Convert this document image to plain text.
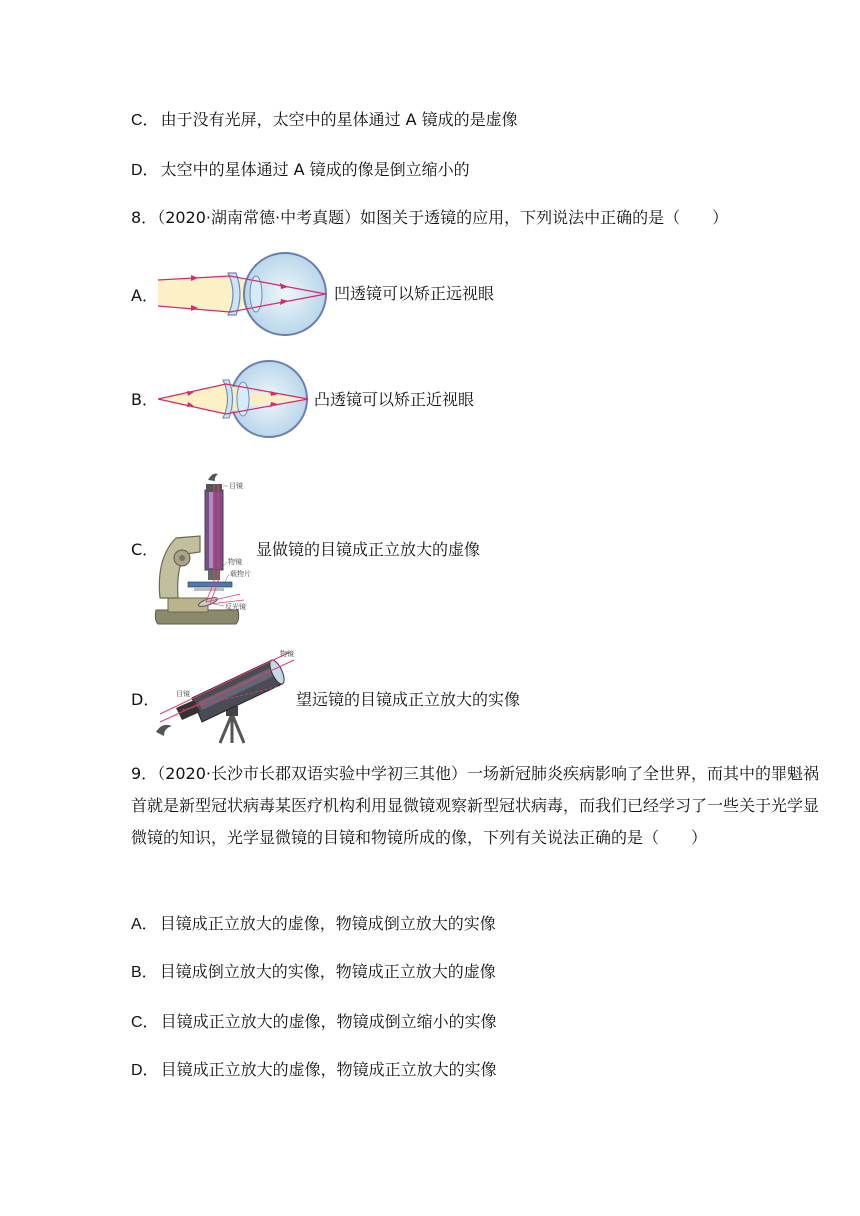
C． 由于没有光屏，太空中的星体通过 A 镜成的是虚像
D． 太空中的星体通过 A 镜成的像是倒立缩小的
8．（2020·湖南常德·中考真题）如图关于透镜的应用，下列说法中正确的是（　　）
A．	凹透镜可以矫正远视眼
B．	凸透镜可以矫正近视眼
C．
目镜
物镜
载物片
反光镜
显做镜的目镜成正立放大的虚像
D．
物镜
目镜	望远镜的目镜成正立放大的实像
9．（2020·长沙市长郡双语实验中学初三其他）一场新冠肺炎疾病影响了全世界，而其中的罪魁祸首就是新型冠状病毒某医疗机构利用显微镜观察新型冠状病毒，而我们已经学习了一些关于光学显微镜的知识，光学显微镜的目镜和物镜所成的像，下列有关说法正确的是（　　）
A． 目镜成正立放大的虚像，物镜成倒立放大的实像
B． 目镜成倒立放大的实像，物镜成正立放大的虚像
C． 目镜成正立放大的虚像，物镜成倒立缩小的实像
D． 目镜成正立放大的虚像，物镜成正立放大的实像
